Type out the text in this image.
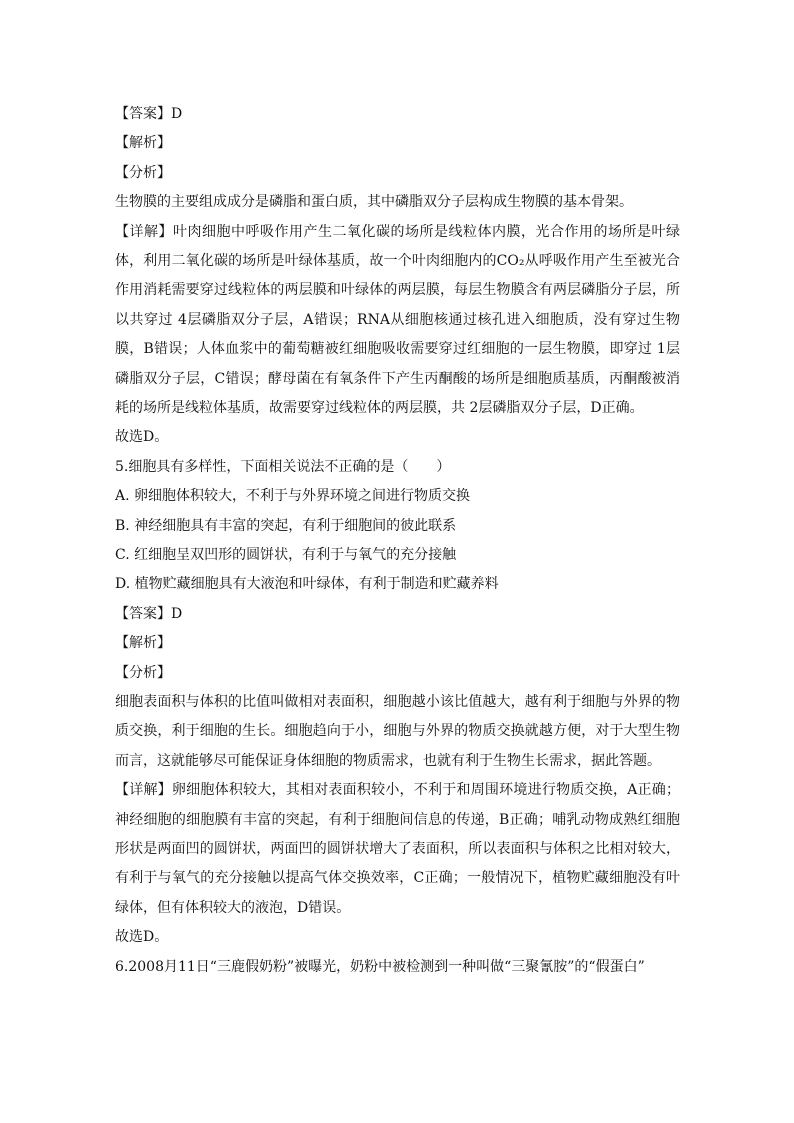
【答案】D
【解析】
【分析】

生物膜的主要组成成分是磷脂和蛋白质，其中磷脂双分子层构成生物膜的基本骨架。

【详解】叶肉细胞中呼吸作用产生二氧化碳的场所是线粒体内膜，光合作用的场所是叶绿体，利用二氧化碳的场所是叶绿体基质，故一个叶肉细胞内的CO₂从呼吸作用产生至被光合作用消耗需要穿过线粒体的两层膜和叶绿体的两层膜，每层生物膜含有两层磷脂分子层，所以共穿过 4层磷脂双分子层，A错误；RNA从细胞核通过核孔进入细胞质，没有穿过生物膜，B错误；人体血浆中的葡萄糖被红细胞吸收需要穿过红细胞的一层生物膜，即穿过 1层磷脂双分子层，C错误；酵母菌在有氧条件下产生丙酮酸的场所是细胞质基质，丙酮酸被消耗的场所是线粒体基质，故需要穿过线粒体的两层膜，共 2层磷脂双分子层，D正确。

故选D。
5.细胞具有多样性，下面相关说法不正确的是（　　）
A. 卵细胞体积较大，不利于与外界环境之间进行物质交换
B. 神经细胞具有丰富的突起，有利于细胞间的彼此联系
C. 红细胞呈双凹形的圆饼状，有利于与氧气的充分接触
D. 植物贮藏细胞具有大液泡和叶绿体，有利于制造和贮藏养料
【答案】D
【解析】
【分析】

细胞表面积与体积的比值叫做相对表面积，细胞越小该比值越大，越有利于细胞与外界的物质交换，利于细胞的生长。细胞趋向于小，细胞与外界的物质交换就越方便，对于大型生物而言，这就能够尽可能保证身体细胞的物质需求，也就有利于生物生长需求，据此答题。

【详解】卵细胞体积较大，其相对表面积较小，不利于和周围环境进行物质交换，A正确；神经细胞的细胞膜有丰富的突起，有利于细胞间信息的传递，B正确；哺乳动物成熟红细胞形状是两面凹的圆饼状，两面凹的圆饼状增大了表面积，所以表面积与体积之比相对较大，有利于与氧气的充分接触以提高气体交换效率，C正确；一般情况下，植物贮藏细胞没有叶绿体，但有体积较大的液泡，D错误。

故选D。
6.2008月11日“三鹿假奶粉”被曝光，奶粉中被检测到一种叫做“三聚氰胺”的“假蛋白”
